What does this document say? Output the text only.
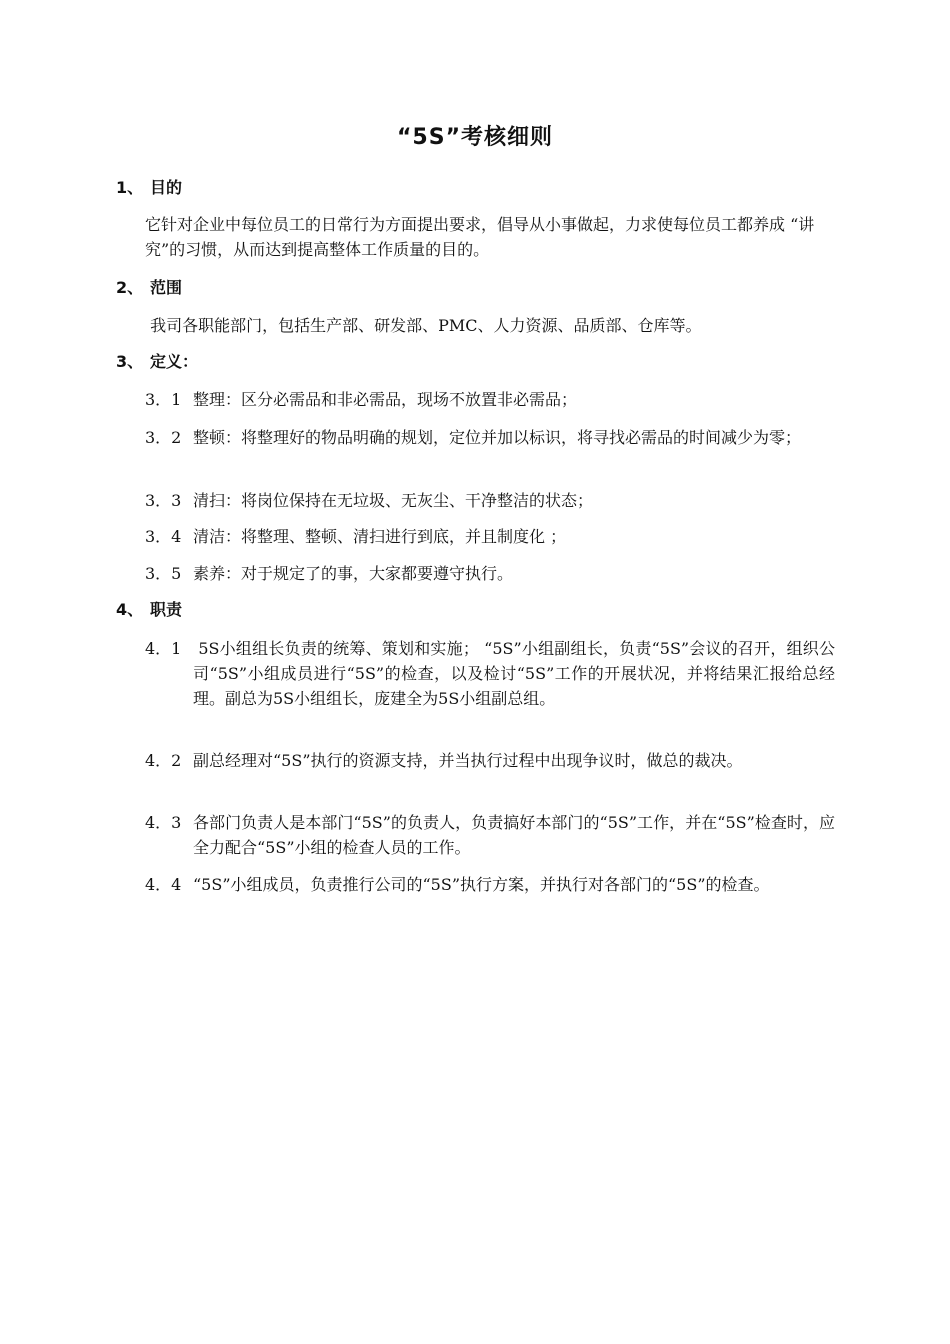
“5S”考核细则
1、 目的
它针对企业中每位员工的日常行为方面提出要求，倡导从小事做起，力求使每位员工都养成 “讲究”的习惯，从而达到提高整体工作质量的目的。
2、 范围
我司各职能部门，包括生产部、研发部、PMC、人力资源、品质部、仓库等。
3、 定义：
3．1 整理：区分必需品和非必需品，现场不放置非必需品；
3．2 整顿：将整理好的物品明确的规划，定位并加以标识，将寻找必需品的时间减少为零；
3．3 清扫：将岗位保持在无垃圾、无灰尘、干净整洁的状态；
3．4 清洁：将整理、整顿、清扫进行到底，并且制度化 ；
3．5 素养：对于规定了的事，大家都要遵守执行。
4、 职责
4．1 5S小组组长负责的统筹、策划和实施； “5S”小组副组长，负责“5S”会议的召开，组织公司“5S”小组成员进行“5S”的检查，以及检讨“5S”工作的开展状况，并将结果汇报给总经理。副总为5S小组组长，庞建全为5S小组副总组。
4．2 副总经理对“5S”执行的资源支持，并当执行过程中出现争议时，做总的裁决。
4．3 各部门负责人是本部门“5S”的负责人，负责搞好本部门的“5S”工作，并在“5S”检查时，应全力配合“5S”小组的检查人员的工作。
4．4 “5S”小组成员，负责推行公司的“5S”执行方案，并执行对各部门的“5S”的检查。
